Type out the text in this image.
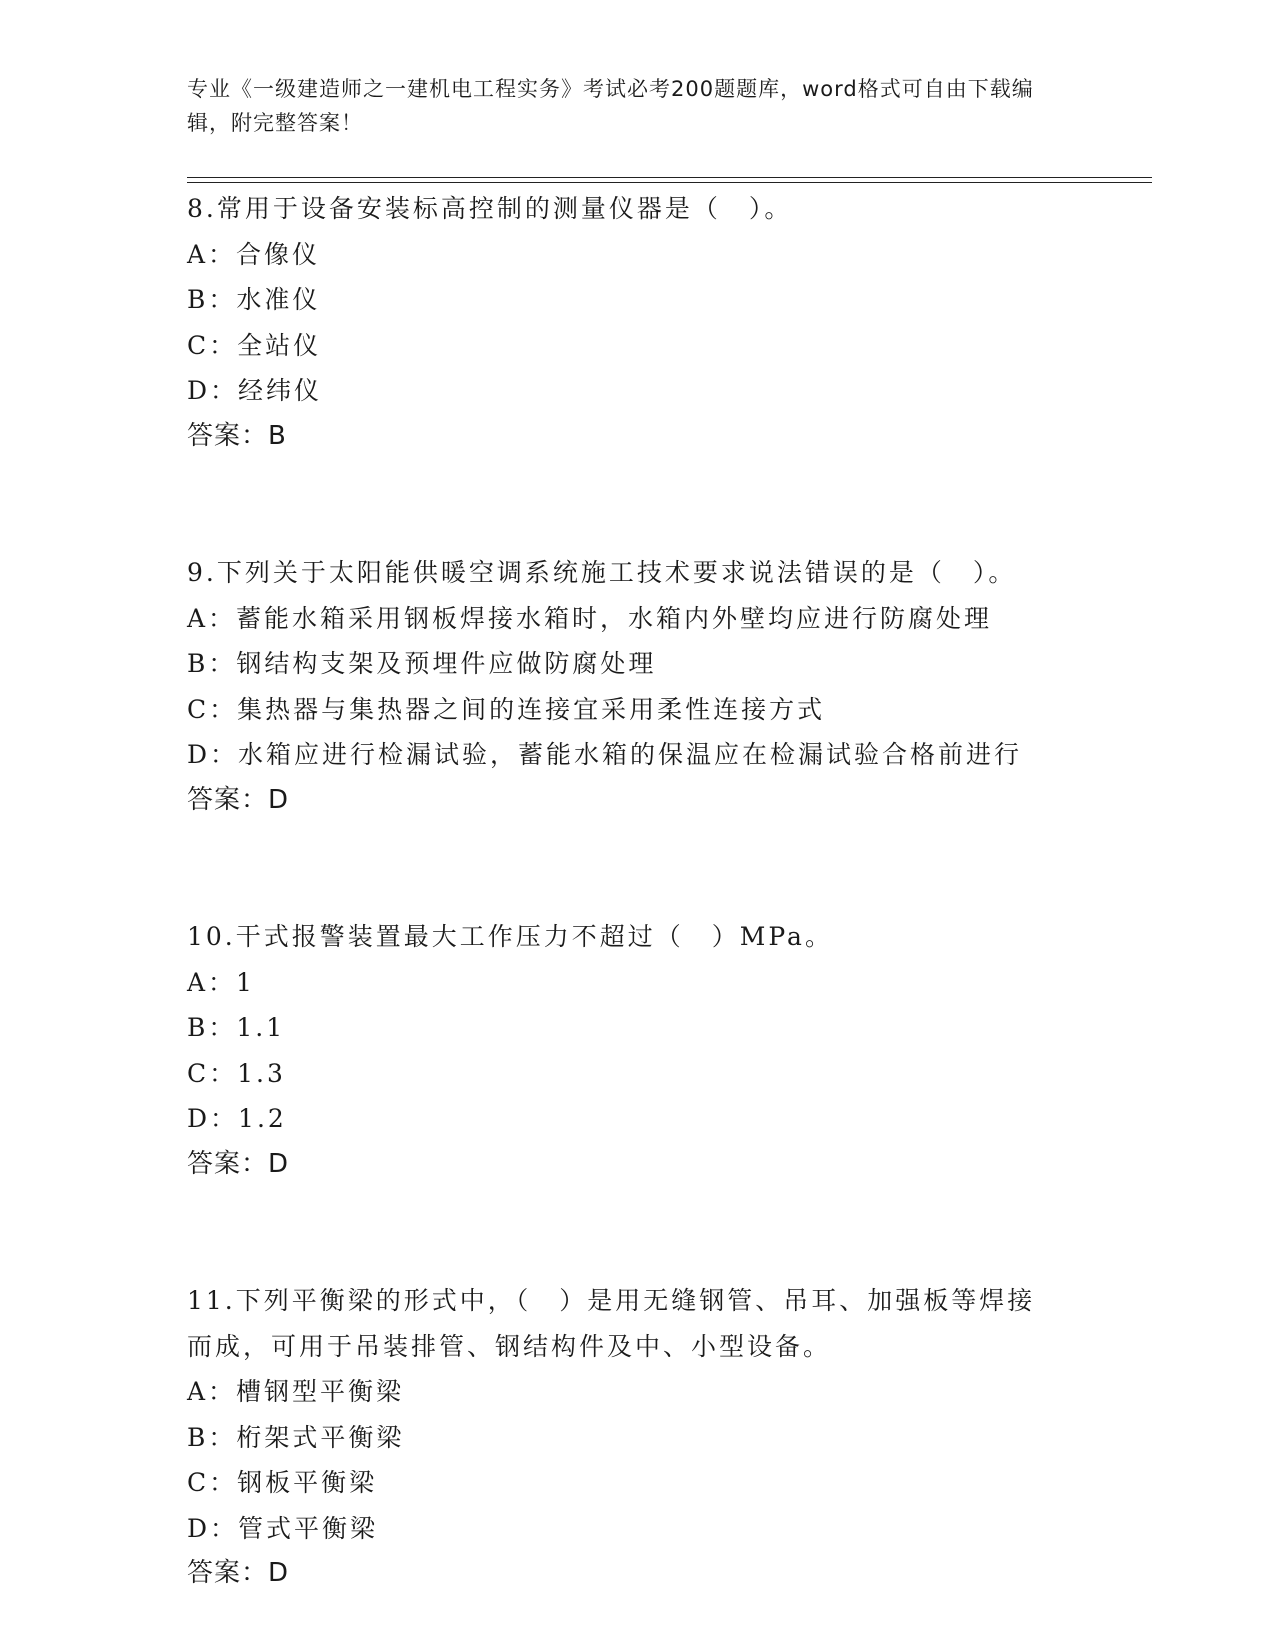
专业《一级建造师之一建机电工程实务》考试必考200题题库，word格式可自由下载编辑，附完整答案！
8.常用于设备安装标高控制的测量仪器是（　）。
A：合像仪
B：水准仪
C：全站仪
D：经纬仪
答案：B
9.下列关于太阳能供暖空调系统施工技术要求说法错误的是（　）。
A：蓄能水箱采用钢板焊接水箱时，水箱内外壁均应进行防腐处理
B：钢结构支架及预埋件应做防腐处理
C：集热器与集热器之间的连接宜采用柔性连接方式
D：水箱应进行检漏试验，蓄能水箱的保温应在检漏试验合格前进行
答案：D
10.干式报警装置最大工作压力不超过（　）MPa。
A：1
B：1.1
C：1.3
D：1.2
答案：D
11.下列平衡梁的形式中，（　）是用无缝钢管、吊耳、加强板等焊接
而成，可用于吊装排管、钢结构件及中、小型设备。
A：槽钢型平衡梁
B：桁架式平衡梁
C：钢板平衡梁
D：管式平衡梁
答案：D
